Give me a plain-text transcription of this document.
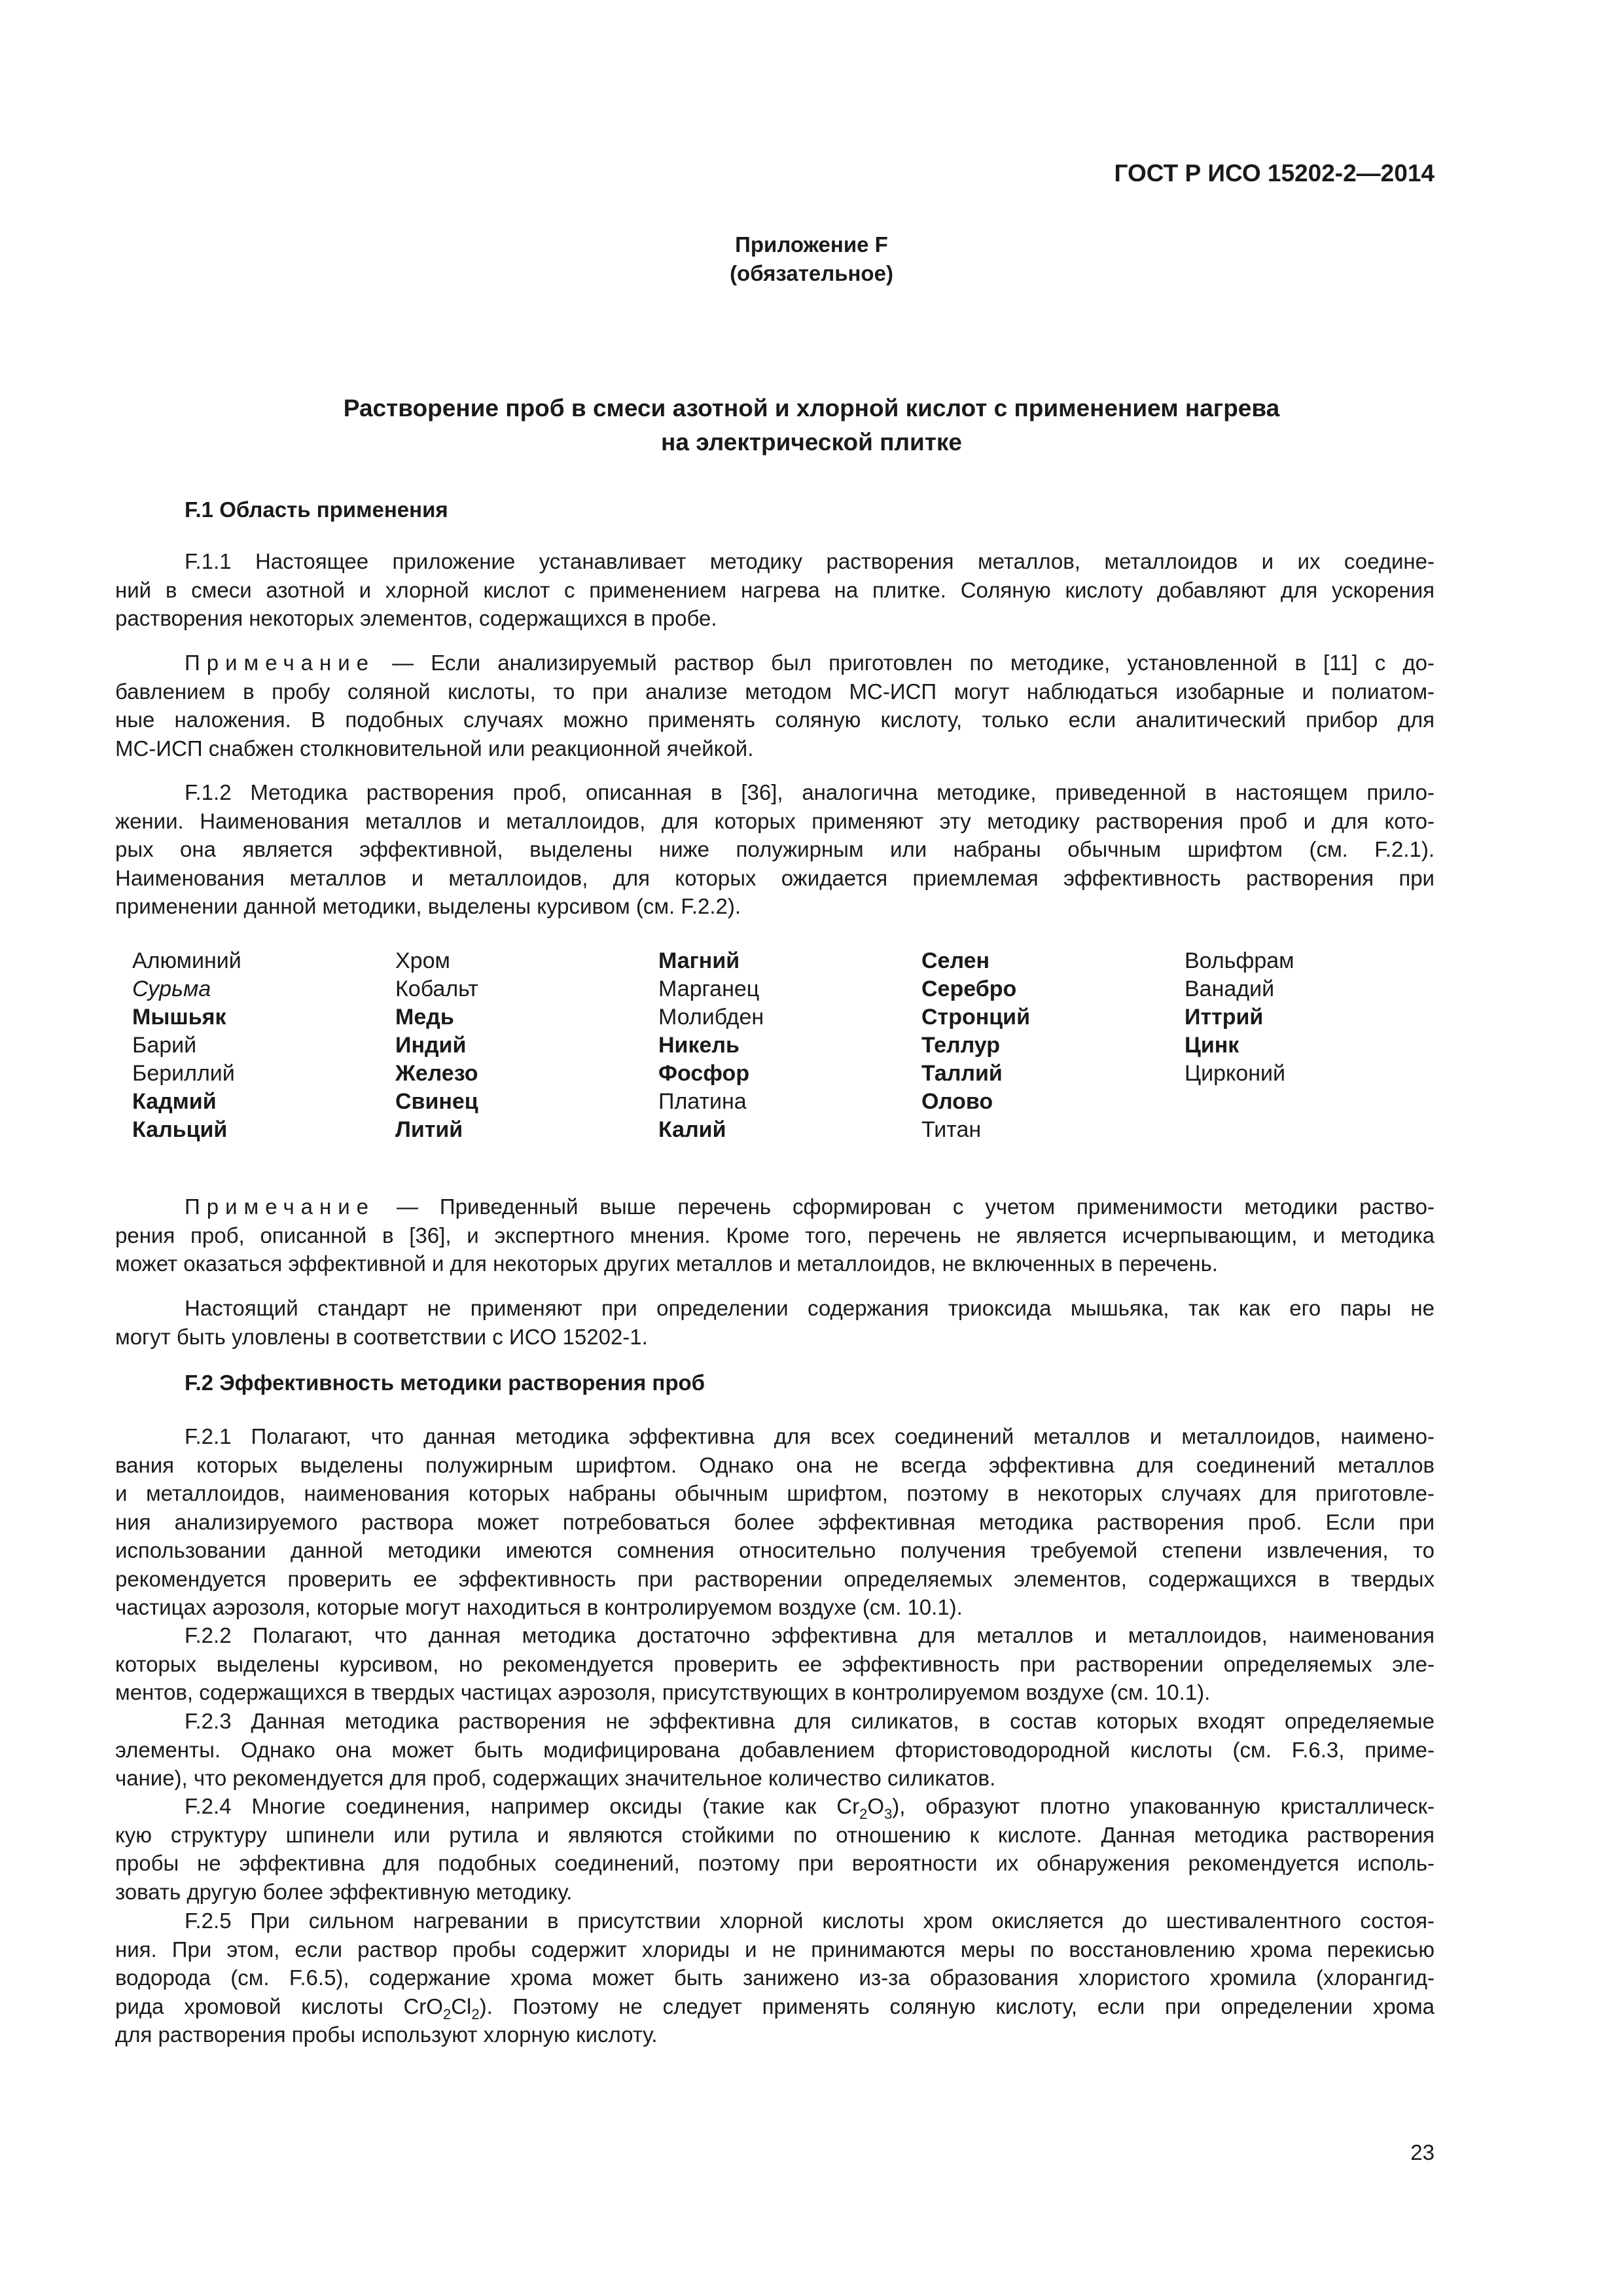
ГОСТ Р ИСО 15202-2—2014
Приложение F
(обязательное)
Растворение проб в смеси азотной и хлорной кислот с применением нагрева
на электрической плитке
F.1 Область применения
F.1.1 Настоящее приложение устанавливает методику растворения металлов, металлоидов и их соедине-
ний в смеси азотной и хлорной кислот с применением нагрева на плитке. Соляную кислоту добавляют для ускорения
растворения некоторых элементов, содержащихся в пробе.
Примечание — Если анализируемый раствор был приготовлен по методике, установленной в [11] с до-
бавлением в пробу соляной кислоты, то при анализе методом МС-ИСП могут наблюдаться изобарные и полиатом-
ные наложения. В подобных случаях можно применять соляную кислоту, только если аналитический прибор для
МС-ИСП снабжен столкновительной или реакционной ячейкой.
F.1.2 Методика растворения проб, описанная в [36], аналогична методике, приведенной в настоящем прило-
жении. Наименования металлов и металлоидов, для которых применяют эту методику растворения проб и для кото-
рых она является эффективной, выделены ниже полужирным или набраны обычным шрифтом (см. F.2.1).
Наименования металлов и металлоидов, для которых ожидается приемлемая эффективность растворения при
применении данной методики, выделены курсивом (см. F.2.2).
Алюминий
Сурьма
Мышьяк
Барий
Бериллий
Кадмий
Кальций
Хром
Кобальт
Медь
Индий
Железо
Свинец
Литий
Магний
Марганец
Молибден
Никель
Фосфор
Платина
Калий
Селен
Серебро
Стронций
Теллур
Таллий
Олово
Титан
Вольфрам
Ванадий
Иттрий
Цинк
Цирконий
Примечание — Приведенный выше перечень сформирован с учетом применимости методики раство-
рения проб, описанной в [36], и экспертного мнения. Кроме того, перечень не является исчерпывающим, и методика
может оказаться эффективной и для некоторых других металлов и металлоидов, не включенных в перечень.
Настоящий стандарт не применяют при определении содержания триоксида мышьяка, так как его пары не
могут быть уловлены в соответствии с ИСО 15202-1.
F.2 Эффективность методики растворения проб
F.2.1 Полагают, что данная методика эффективна для всех соединений металлов и металлоидов, наимено-
вания которых выделены полужирным шрифтом. Однако она не всегда эффективна для соединений металлов
и металлоидов, наименования которых набраны обычным шрифтом, поэтому в некоторых случаях для приготовле-
ния анализируемого раствора может потребоваться более эффективная методика растворения проб. Если при
использовании данной методики имеются сомнения относительно получения требуемой степени извлечения, то
рекомендуется проверить ее эффективность при растворении определяемых элементов, содержащихся в твердых
частицах аэрозоля, которые могут находиться в контролируемом воздухе (см. 10.1).
F.2.2 Полагают, что данная методика достаточно эффективна для металлов и металлоидов, наименования
которых выделены курсивом, но рекомендуется проверить ее эффективность при растворении определяемых эле-
ментов, содержащихся в твердых частицах аэрозоля, присутствующих в контролируемом воздухе (см. 10.1).
F.2.3 Данная методика растворения не эффективна для силикатов, в состав которых входят определяемые
элементы. Однако она может быть модифицирована добавлением фтористоводородной кислоты (см. F.6.3, приме-
чание), что рекомендуется для проб, содержащих значительное количество силикатов.
F.2.4 Многие соединения, например оксиды (такие как $Cr_2O_3$), образуют плотно упакованную кристаллическ-
кую структуру шпинели или рутила и являются стойкими по отношению к кислоте. Данная методика растворения
пробы не эффективна для подобных соединений, поэтому при вероятности их обнаружения рекомендуется исполь-
зовать другую более эффективную методику.
F.2.5 При сильном нагревании в присутствии хлорной кислоты хром окисляется до шестивалентного состоя-
ния. При этом, если раствор пробы содержит хлориды и не принимаются меры по восстановлению хрома перекисью
водорода (см. F.6.5), содержание хрома может быть занижено из-за образования хлористого хромила (хлорангид-
рида хромовой кислоты $CrO_2Cl_2$). Поэтому не следует применять соляную кислоту, если при определении хрома
для растворения пробы используют хлорную кислоту.
23
